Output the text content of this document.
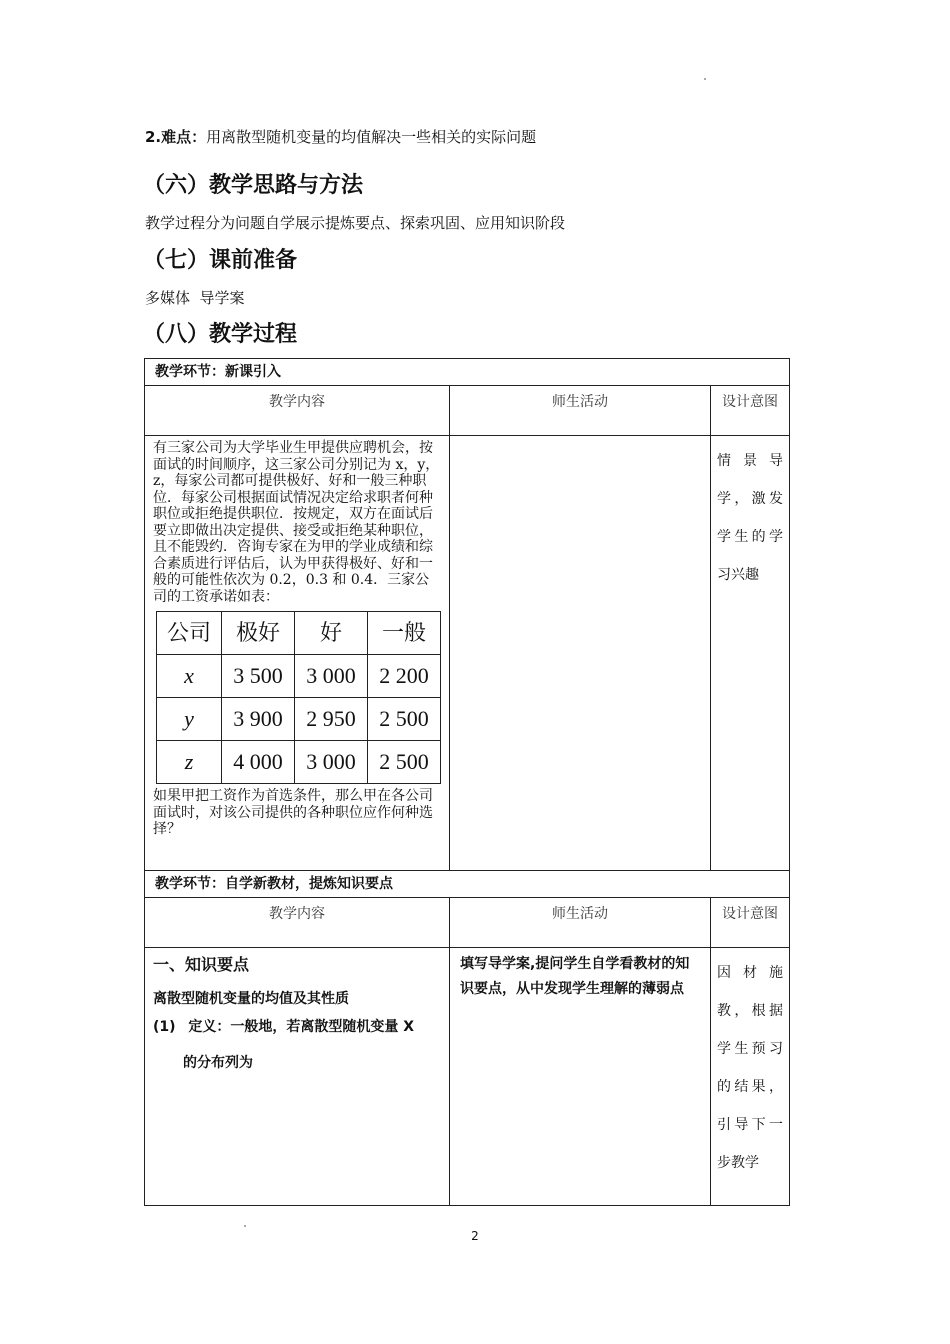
2.难点：用离散型随机变量的均值解决一些相关的实际问题
（六）教学思路与方法
教学过程分为问题自学展示提炼要点、探索巩固、应用知识阶段
（七）课前准备
多媒体  导学案
（八）教学过程
教学环节：新课引入
教学内容	师生活动	设计意图

有三家公司为大学毕业生甲提供应聘机会，按面试的时间顺序，这三家公司分别记为 x，y，z，每家公司都可提供极好、好和一般三种职位．每家公司根据面试情况决定给求职者何种职位或拒绝提供职位．按规定，双方在面试后要立即做出决定提供、接受或拒绝某种职位，且不能毁约．咨询专家在为甲的学业成绩和综合素质进行评估后，认为甲获得极好、好和一般的可能性依次为 0.2，0.3 和 0.4．三家公司的工资承诺如表：
公司	极好	好	一般
x	3 500	3 000	2 200
y	3 900	2 950	2 500
z	4 000	3 000	2 500
如果甲把工资作为首选条件，那么甲在各公司面试时，对该公司提供的各种职位应作何种选择？
		情景导学，激发学生的学习兴趣
教学环节：自学新教材，提炼知识要点
教学内容	师生活动	设计意图

一、知识要点
离散型随机变量的均值及其性质
(1) 定义：一般地，若离散型随机变量 X
的分布列为
	填写导学案,提问学生自学看教材的知识要点，从中发现学生理解的薄弱点	因材施教，根据学生预习的结果，引导下一步教学
2
